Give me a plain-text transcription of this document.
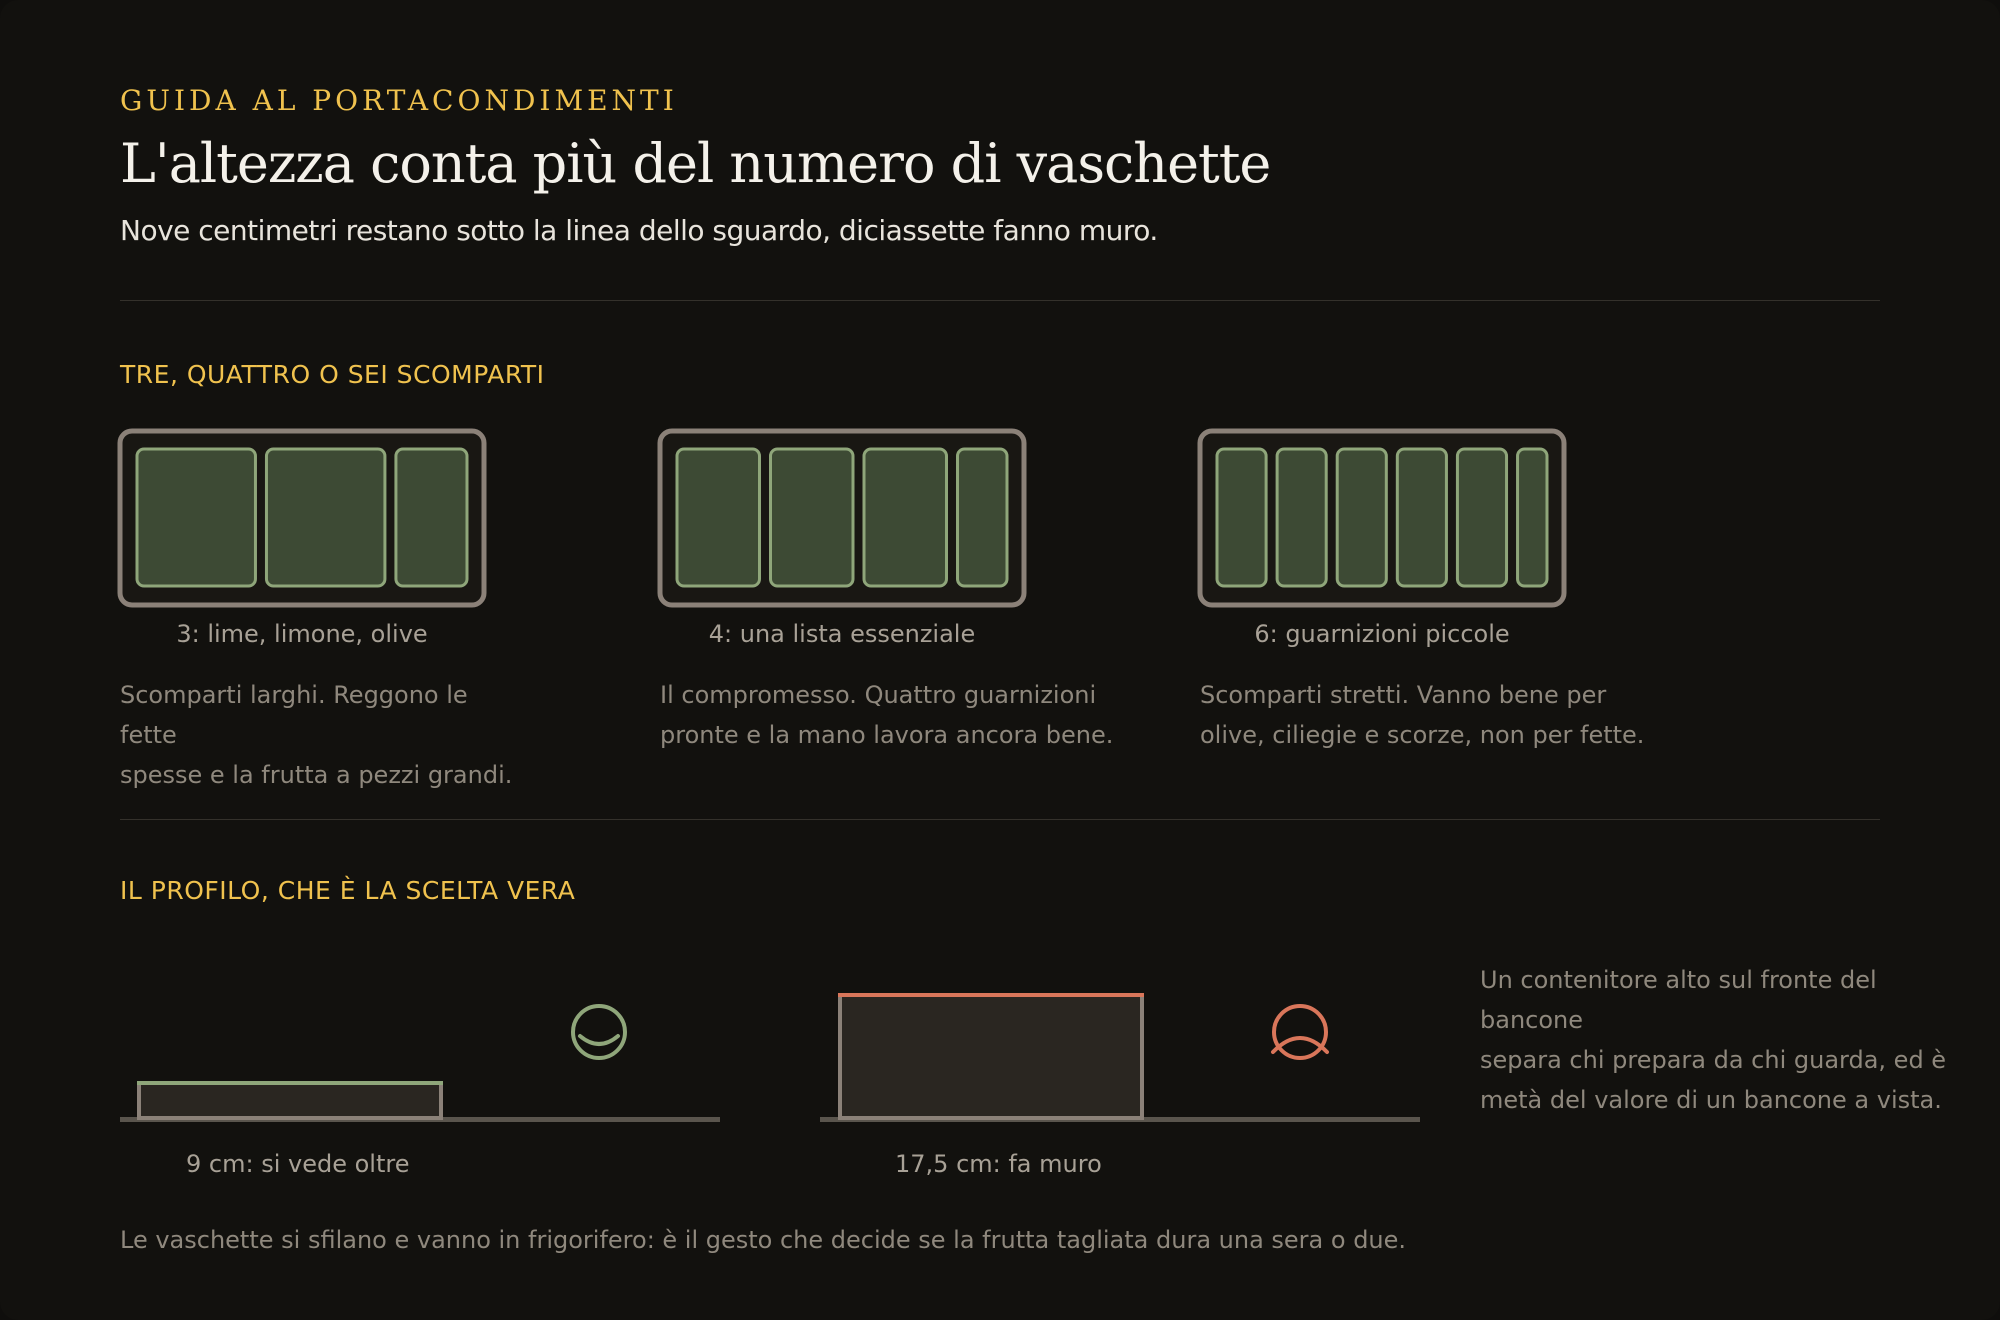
GUIDA AL PORTACONDIMENTI
L'altezza conta più del numero di vaschette
Nove centimetri restano sotto la linea dello sguardo, diciassette fanno muro.
TRE, QUATTRO O SEI SCOMPARTI
3: lime, limone, olive
Scomparti larghi. Reggono le fette
spesse e la frutta a pezzi grandi.
4: una lista essenziale
Il compromesso. Quattro guarnizioni
pronte e la mano lavora ancora bene.
6: guarnizioni piccole
Scomparti stretti. Vanno bene per
olive, ciliegie e scorze, non per fette.
IL PROFILO, CHE È LA SCELTA VERA
9 cm: si vede oltre	17,5 cm: fa muro
Un contenitore alto sul fronte del bancone
separa chi prepara da chi guarda, ed è
metà del valore di un bancone a vista.
Le vaschette si sfilano e vanno in frigorifero: è il gesto che decide se la frutta tagliata dura una sera o due.
